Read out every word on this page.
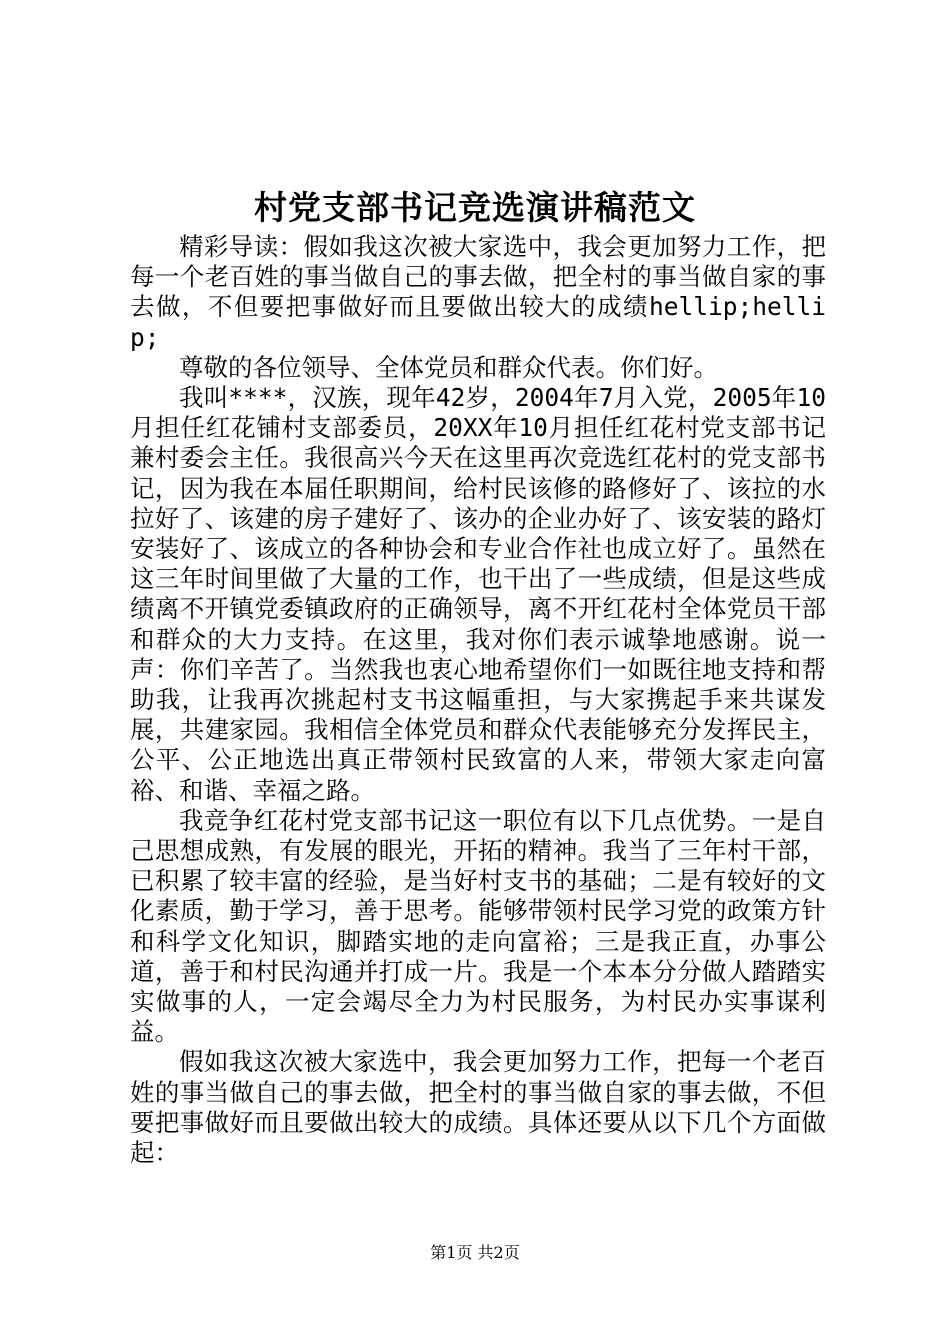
村党支部书记竞选演讲稿范文

精彩导读：假如我这次被大家选中，我会更加努力工作，把每一个老百姓的事当做自己的事去做，把全村的事当做自家的事去做，不但要把事做好而且要做出较大的成绩hellip;hellip;

尊敬的各位领导、全体党员和群众代表。你们好。

我叫****，汉族，现年42岁，2004年7月入党，2005年10月担任红花铺村支部委员，20XX年10月担任红花村党支部书记兼村委会主任。我很高兴今天在这里再次竞选红花村的党支部书记，因为我在本届任职期间，给村民该修的路修好了、该拉的水拉好了、该建的房子建好了、该办的企业办好了、该安装的路灯安装好了、该成立的各种协会和专业合作社也成立好了。虽然在这三年时间里做了大量的工作，也干出了一些成绩，但是这些成绩离不开镇党委镇政府的正确领导，离不开红花村全体党员干部和群众的大力支持。在这里，我对你们表示诚挚地感谢。说一声：你们辛苦了。当然我也衷心地希望你们一如既往地支持和帮助我，让我再次挑起村支书这幅重担，与大家携起手来共谋发展，共建家园。我相信全体党员和群众代表能够充分发挥民主，公平、公正地选出真正带领村民致富的人来，带领大家走向富裕、和谐、幸福之路。

我竞争红花村党支部书记这一职位有以下几点优势。一是自己思想成熟，有发展的眼光，开拓的精神。我当了三年村干部，已积累了较丰富的经验，是当好村支书的基础；二是有较好的文化素质，勤于学习，善于思考。能够带领村民学习党的政策方针和科学文化知识，脚踏实地的走向富裕；三是我正直，办事公道，善于和村民沟通并打成一片。我是一个本本分分做人踏踏实实做事的人，一定会竭尽全力为村民服务，为村民办实事谋利益。

假如我这次被大家选中，我会更加努力工作，把每一个老百姓的事当做自己的事去做，把全村的事当做自家的事去做，不但要把事做好而且要做出较大的成绩。具体还要从以下几个方面做起：

第1页 共2页
